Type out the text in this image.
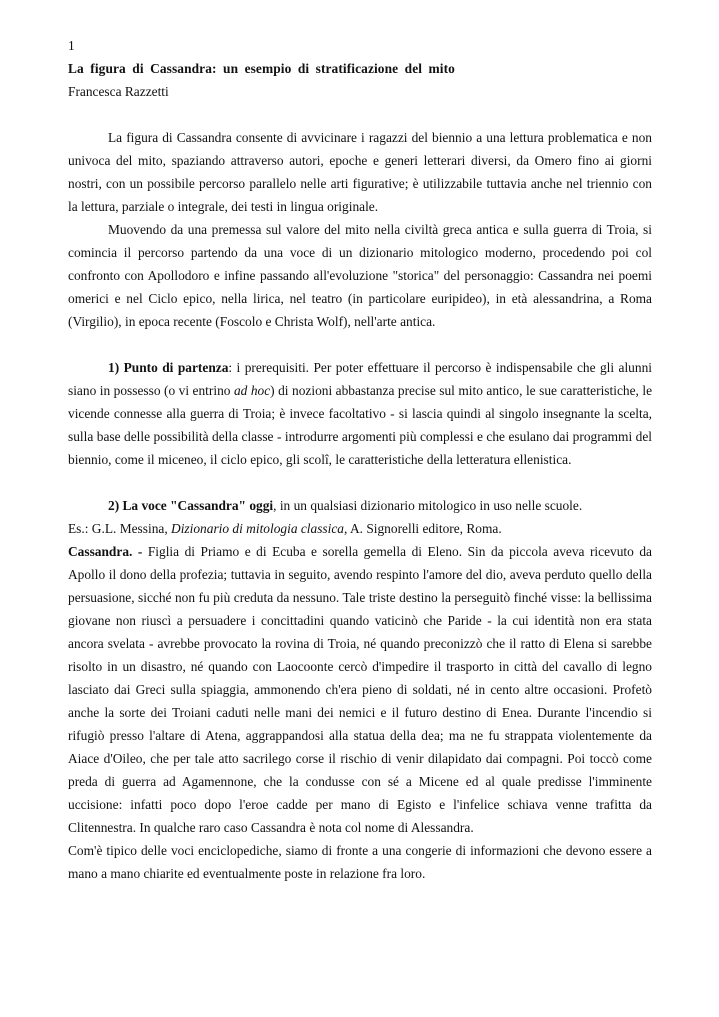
1
La figura di Cassandra: un esempio di stratificazione del mito
Francesca Razzetti

La figura di Cassandra consente di avvicinare i ragazzi del biennio a una lettura problematica e non univoca del mito, spaziando attraverso autori, epoche e generi letterari diversi, da Omero fino ai giorni nostri, con un possibile percorso parallelo nelle arti figurative; è utilizzabile tuttavia anche nel triennio con la lettura, parziale o integrale, dei testi in lingua originale.

Muovendo da una premessa sul valore del mito nella civiltà greca antica e sulla guerra di Troia, si comincia il percorso partendo da una voce di un dizionario mitologico moderno, procedendo poi col confronto con Apollodoro e infine passando all'evoluzione "storica" del personaggio: Cassandra nei poemi omerici e nel Ciclo epico, nella lirica, nel teatro (in particolare euripideo), in età alessandrina, a Roma (Virgilio), in epoca recente (Foscolo e Christa Wolf), nell'arte antica.

1) Punto di partenza: i prerequisiti. Per poter effettuare il percorso è indispensabile che gli alunni siano in possesso (o vi entrino ad hoc) di nozioni abbastanza precise sul mito antico, le sue caratteristiche, le vicende connesse alla guerra di Troia; è invece facoltativo - si lascia quindi al singolo insegnante la scelta, sulla base delle possibilità della classe - introdurre argomenti più complessi e che esulano dai programmi del biennio, come il miceneo, il ciclo epico, gli scolî, le caratteristiche della letteratura ellenistica.

2) La voce "Cassandra" oggi, in un qualsiasi dizionario mitologico in uso nelle scuole.

Es.: G.L. Messina, Dizionario di mitologia classica, A. Signorelli editore, Roma.

Cassandra. - Figlia di Priamo e di Ecuba e sorella gemella di Eleno. Sin da piccola aveva ricevuto da Apollo il dono della profezia; tuttavia in seguito, avendo respinto l'amore del dio, aveva perduto quello della persuasione, sicché non fu più creduta da nessuno. Tale triste destino la perseguitò finché visse: la bellissima giovane non riuscì a persuadere i concittadini quando vaticinò che Paride - la cui identità non era stata ancora svelata - avrebbe provocato la rovina di Troia, né quando preconizzò che il ratto di Elena si sarebbe risolto in un disastro, né quando con Laocoonte cercò d'impedire il trasporto in città del cavallo di legno lasciato dai Greci sulla spiaggia, ammonendo ch'era pieno di soldati, né in cento altre occasioni. Profetò anche la sorte dei Troiani caduti nelle mani dei nemici e il futuro destino di Enea. Durante l'incendio si rifugiò presso l'altare di Atena, aggrappandosi alla statua della dea; ma ne fu strappata violentemente da Aiace d'Oileo, che per tale atto sacrilego corse il rischio di venir dilapidato dai compagni. Poi toccò come preda di guerra ad Agamennone, che la condusse con sé a Micene ed al quale predisse l'imminente uccisione: infatti poco dopo l'eroe cadde per mano di Egisto e l'infelice schiava venne trafitta da Clitennestra. In qualche raro caso Cassandra è nota col nome di Alessandra.

Com'è tipico delle voci enciclopediche, siamo di fronte a una congerie di informazioni che devono essere a mano a mano chiarite ed eventualmente poste in relazione fra loro.
